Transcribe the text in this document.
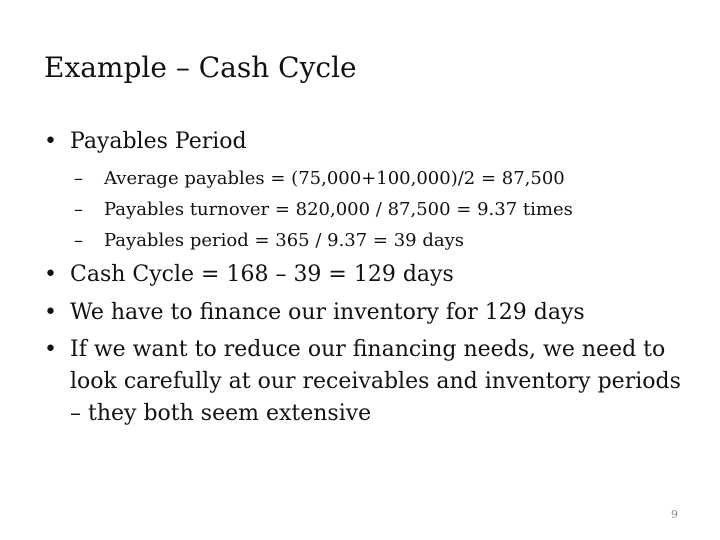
Example – Cash Cycle
• Payables Period
– Average payables = (75,000+100,000)/2 = 87,500
– Payables turnover = 820,000 / 87,500 = 9.37 times
– Payables period = 365 / 9.37 = 39 days
• Cash Cycle = 168 – 39 = 129 days
• We have to finance our inventory for 129 days
• If we want to reduce our financing needs, we need to look carefully at our receivables and inventory periods – they both seem extensive
9
